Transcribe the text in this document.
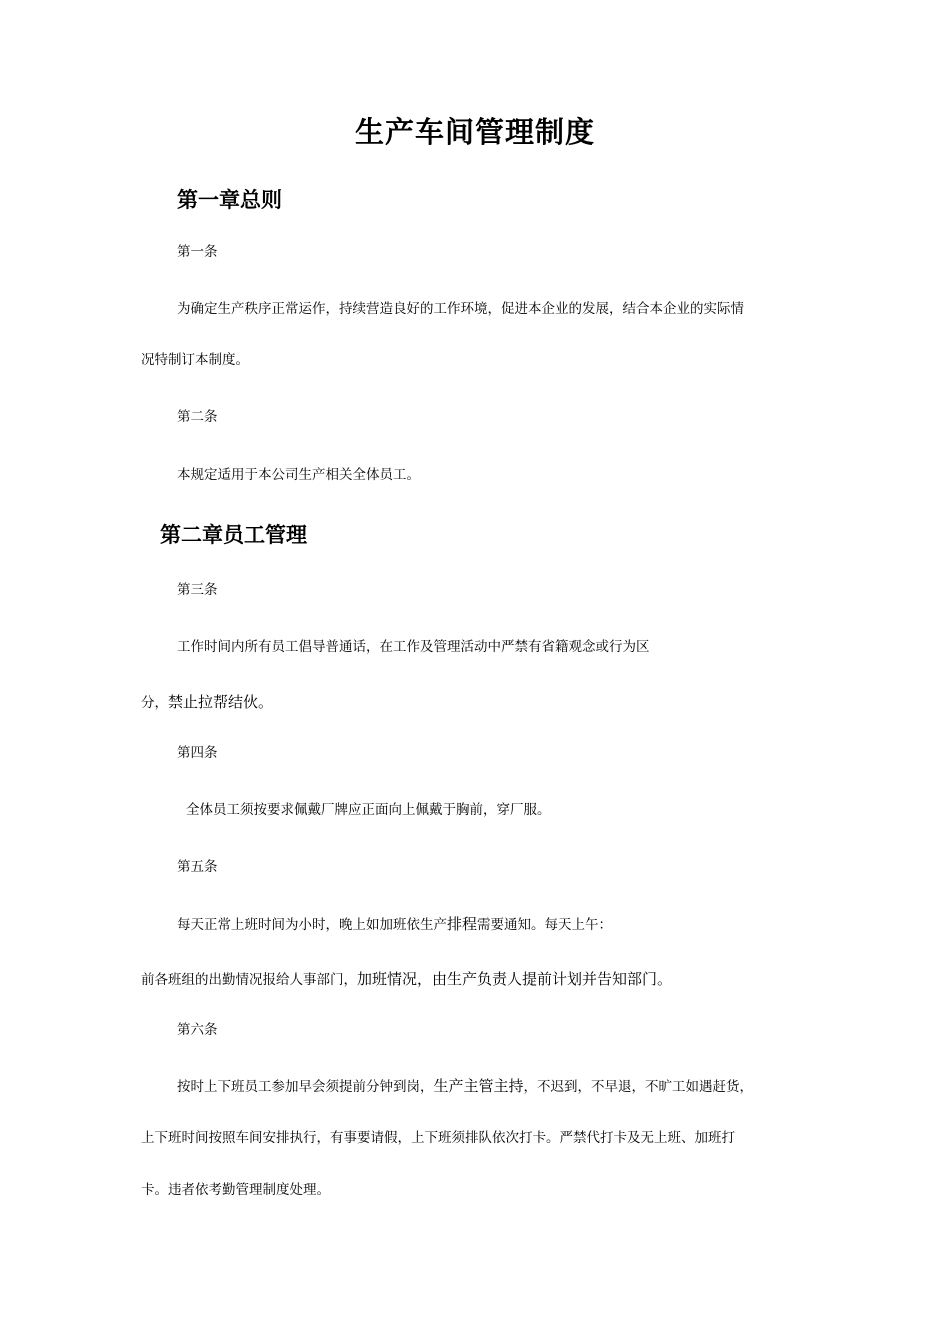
生产车间管理制度
第一章总则
第一条
为确定生产秩序正常运作，持续营造良好的工作环境，促进本企业的发展，结合本企业的实际情
况特制订本制度。
第二条
本规定适用于本公司生产相关全体员工。
第二章员工管理
第三条
工作时间内所有员工倡导普通话，在工作及管理活动中严禁有省籍观念或行为区
分，禁止拉帮结伙。
第四条
全体员工须按要求佩戴厂牌应正面向上佩戴于胸前，穿厂服。
第五条
每天正常上班时间为小时，晚上如加班依生产排程需要通知。每天上午：
前各班组的出勤情况报给人事部门，加班情况，由生产负责人提前计划并告知部门。
第六条
按时上下班员工参加早会须提前分钟到岗，生产主管主持，不迟到，不早退，不旷工如遇赶货，
上下班时间按照车间安排执行，有事要请假，上下班须排队依次打卡。严禁代打卡及无上班、加班打
卡。违者依考勤管理制度处理。
